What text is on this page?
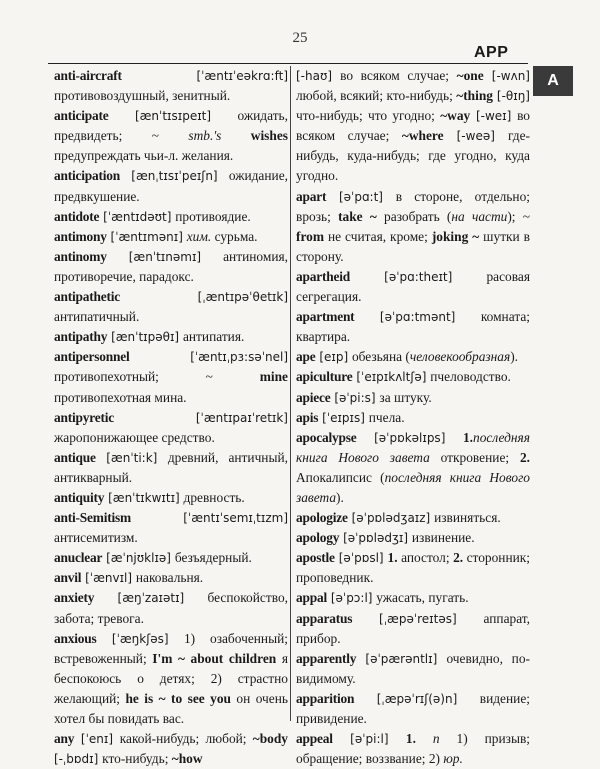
25
APP
A

anti-aircraft [ˈæntɪˈeəkrɑ:ft] противовоздушный, зенитный.

anticipate [ænˈtɪsɪpeɪt] ожидать, предвидеть; ~ smb.'s wishes предупреждать чьи-л. желания.

anticipation [ænˌtɪsɪˈpeɪʃn] ожидание, предвкушение.

antidote [ˈæntɪdəʊt] противоядие.

antimony [ˈæntɪmənɪ] хим. сурьма.

antinomy [ænˈtɪnəmɪ] антиномия, противоречие, парадокс.

antipathetic [ˌæntɪpəˈθetɪk] антипатичный.

antipathy [ænˈtɪpəθɪ] антипатия.

antipersonnel [ˈæntɪˌpɜ:səˈnel] противопехотный; ~ mine противопехотная мина.

antipyretic [ˈæntɪpaɪˈretɪk] жаропонижающее средство.

antique [ænˈti:k] древний, античный, антикварный.

antiquity [ænˈtɪkwɪtɪ] древность.

anti-Semitism [ˈæntɪˈsemɪˌtɪzm] антисемитизм.

anuclear [æˈnjʊklɪə] безъядерный.

anvil [ˈænvɪl] наковальня.

anxiety [æŋˈzaɪətɪ] беспокойство, забота; тревога.

anxious [ˈæŋkʃəs] 1) озабоченный; встревоженный; I'm ~ about children я беспокоюсь о детях; 2) страстно желающий; he is ~ to see you он очень хотел бы повидать вас.

any [ˈenɪ] какой-нибудь; любой; ~body [-ˌbɒdɪ] кто-нибудь; ~how

[-haʊ] во всяком случае; ~one [-wʌn] любой, всякий; кто-нибудь; ~thing [-θɪŋ] что-нибудь; что угодно; ~way [-weɪ] во всяком случае; ~where [-weə] где-нибудь, куда-нибудь; где угодно, куда угодно.

apart [əˈpɑ:t] в стороне, отдельно; врозь; take ~ разобрать (на части); ~ from не считая, кроме; joking ~ шутки в сторону.

apartheid [əˈpɑ:theɪt] расовая сегрегация.

apartment [əˈpɑ:tmənt] комната; квартира.

ape [eɪp] обезьяна (человекообразная).

apiculture [ˈeɪpɪkʌltʃə] пчеловодство.

apiece [əˈpi:s] за штуку.

apis [ˈeɪpɪs] пчела.

apocalypse [əˈpɒkəlɪps] 1.последняя книга Нового завета откровение; 2. Апокалипсис (последняя книга Нового завета).

apologize [əˈpɒlədʒaɪz] извиняться.

apology [əˈpɒlədʒɪ] извинение.

apostle [əˈpɒsl] 1. апостол; 2. сторонник; проповедник.

appal [əˈpɔ:l] ужасать, пугать.

apparatus [ˌæpəˈreɪtəs] аппарат, прибор.

apparently [əˈpærəntlɪ] очевидно, по-видимому.

apparition [ˌæpəˈrɪʃ(ə)n] видение; привидение.

appeal [əˈpi:l] 1. n 1) призыв; обращение; воззвание; 2) юр.
